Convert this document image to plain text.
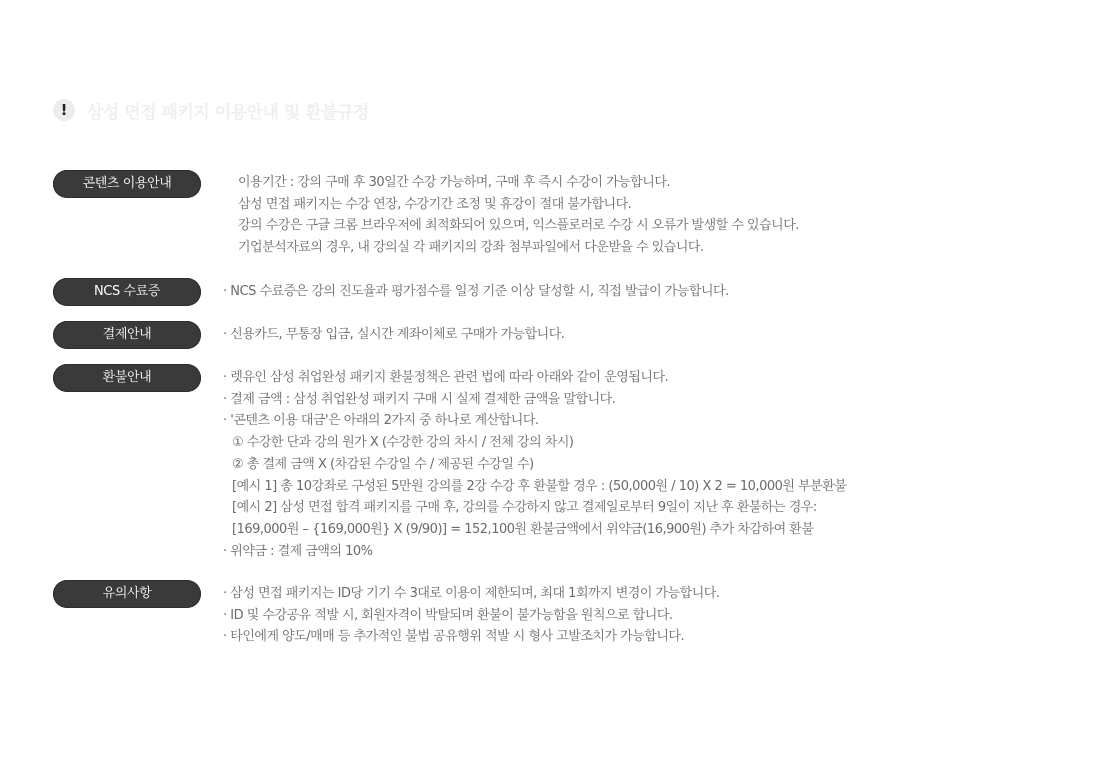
!	삼성 면접 패키지 이용안내 및 환불규정
콘텐츠 이용안내	이용기간 : 강의 구매 후 30일간 수강 가능하며, 구매 후 즉시 수강이 가능합니다.
삼성 면접 패키지는 수강 연장, 수강기간 조정 및 휴강이 절대 불가합니다.
강의 수강은 구글 크롬 브라우저에 최적화되어 있으며, 익스플로러로 수강 시 오류가 발생할 수 있습니다.
기업분석자료의 경우, 내 강의실 각 패키지의 강좌 첨부파일에서 다운받을 수 있습니다.
NCS 수료증	· NCS 수료증은 강의 진도율과 평가점수를 일정 기준 이상 달성할 시, 직접 발급이 가능합니다.
결제안내	· 신용카드, 무통장 입금, 실시간 계좌이체로 구매가 가능합니다.
환불안내	· 렛유인 삼성 취업완성 패키지 환불정책은 관련 법에 따라 아래와 같이 운영됩니다.
· 결제 금액 : 삼성 취업완성 패키지 구매 시 실제 결제한 금액을 말합니다.
· '콘텐츠 이용 대금'은 아래의 2가지 중 하나로 계산합니다.
① 수강한 단과 강의 원가 X (수강한 강의 차시 / 전체 강의 차시)
② 총 결제 금액 X (차감된 수강일 수 / 제공된 수강일 수)
[예시 1] 총 10강좌로 구성된 5만원 강의를 2강 수강 후 환불할 경우 : (50,000원 / 10) X 2 = 10,000원 부분환불
[예시 2] 삼성 면접 합격 패키지를 구매 후, 강의를 수강하지 않고 결제일로부터 9일이 지난 후 환불하는 경우:
[169,000원 – {169,000원} X (9/90)] = 152,100원 환불금액에서 위약금(16,900원) 추가 차감하여 환불
· 위약금 : 결제 금액의 10%
유의사항	· 삼성 면접 패키지는 ID당 기기 수 3대로 이용이 제한되며, 최대 1회까지 변경이 가능합니다.
· ID 및 수강공유 적발 시, 회원자격이 박탈되며 환불이 불가능함을 원칙으로 합니다.
· 타인에게 양도/매매 등 추가적인 불법 공유행위 적발 시 형사 고발조치가 가능합니다.
